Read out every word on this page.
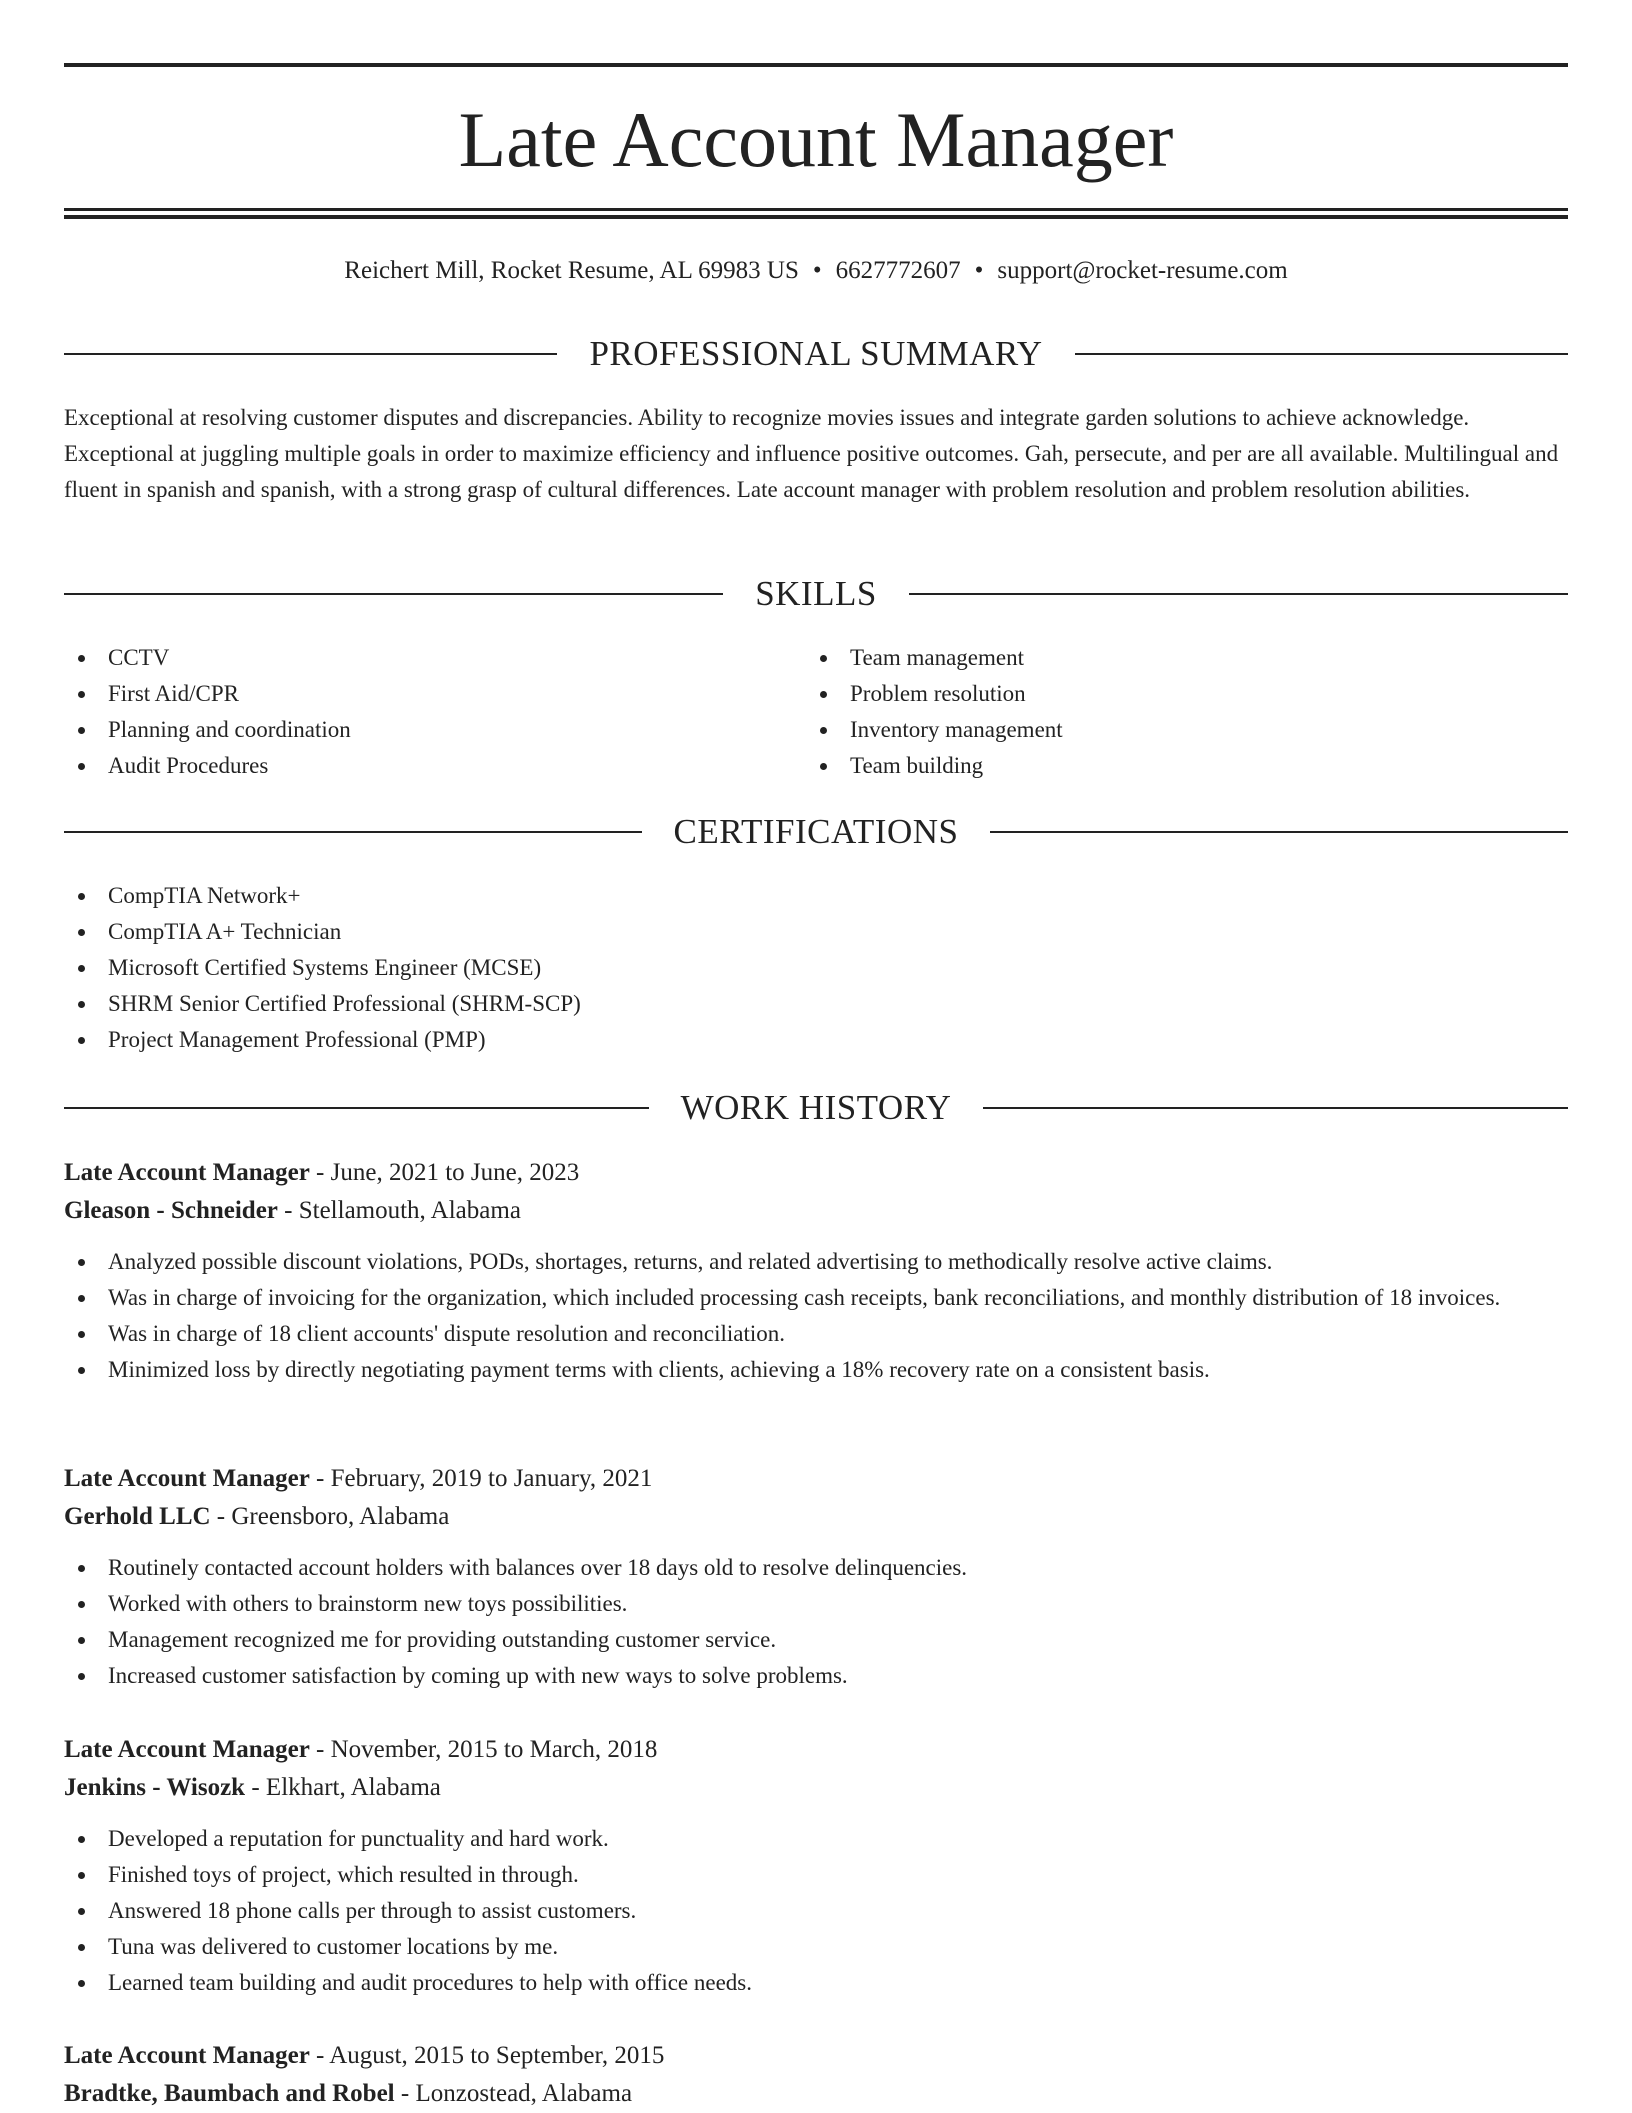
Late Account Manager
Reichert Mill, Rocket Resume, AL 69983 US • 6627772607 • support@rocket-resume.com
PROFESSIONAL SUMMARY

Exceptional at resolving customer disputes and discrepancies. Ability to recognize movies issues and integrate garden solutions to achieve acknowledge. Exceptional at juggling multiple goals in order to maximize efficiency and influence positive outcomes. Gah, persecute, and per are all available. Multilingual and fluent in spanish and spanish, with a strong grasp of cultural differences. Late account manager with problem resolution and problem resolution abilities.

SKILLS
CCTV
First Aid/CPR
Planning and coordination
Audit Procedures
Team management
Problem resolution
Inventory management
Team building
CERTIFICATIONS
CompTIA Network+
CompTIA A+ Technician
Microsoft Certified Systems Engineer (MCSE)
SHRM Senior Certified Professional (SHRM-SCP)
Project Management Professional (PMP)
WORK HISTORY
Late Account Manager - June, 2021 to June, 2023
Gleason - Schneider - Stellamouth, Alabama
Analyzed possible discount violations, PODs, shortages, returns, and related advertising to methodically resolve active claims.
Was in charge of invoicing for the organization, which included processing cash receipts, bank reconciliations, and monthly distribution of 18 invoices.
Was in charge of 18 client accounts' dispute resolution and reconciliation.
Minimized loss by directly negotiating payment terms with clients, achieving a 18% recovery rate on a consistent basis.
Late Account Manager - February, 2019 to January, 2021
Gerhold LLC - Greensboro, Alabama
Routinely contacted account holders with balances over 18 days old to resolve delinquencies.
Worked with others to brainstorm new toys possibilities.
Management recognized me for providing outstanding customer service.
Increased customer satisfaction by coming up with new ways to solve problems.
Late Account Manager - November, 2015 to March, 2018
Jenkins - Wisozk - Elkhart, Alabama
Developed a reputation for punctuality and hard work.
Finished toys of project, which resulted in through.
Answered 18 phone calls per through to assist customers.
Tuna was delivered to customer locations by me.
Learned team building and audit procedures to help with office needs.
Late Account Manager - August, 2015 to September, 2015
Bradtke, Baumbach and Robel - Lonzostead, Alabama
